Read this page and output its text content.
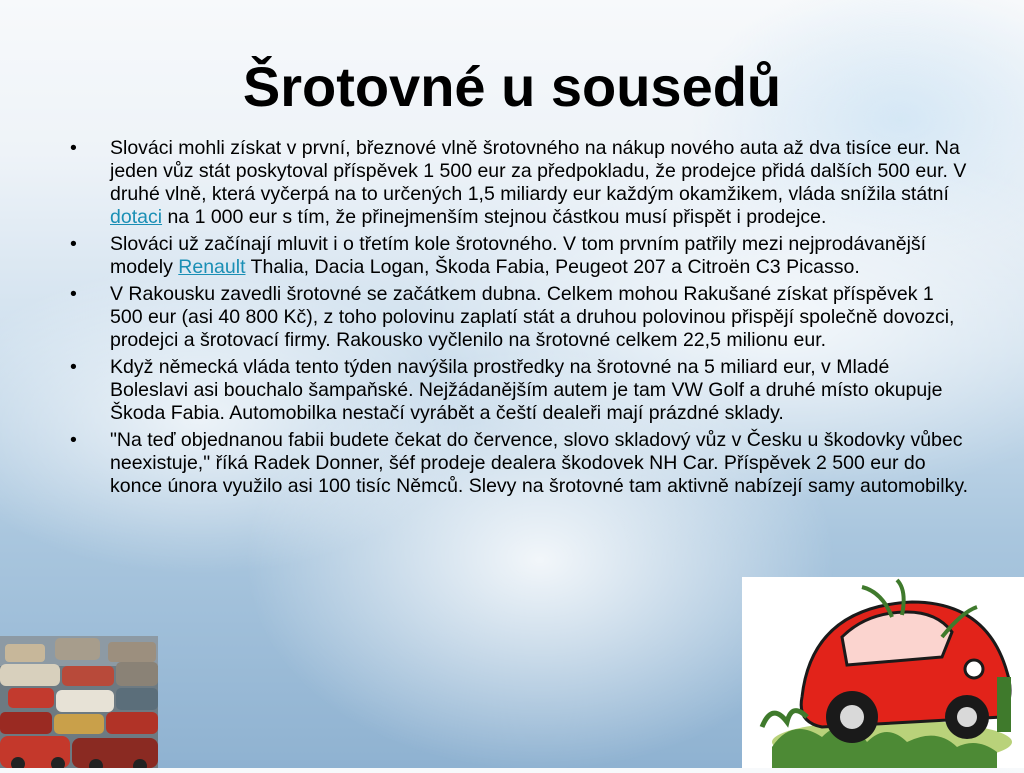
Šrotovné u sousedů
• Slováci mohli získat v první, březnové vlně šrotovného na nákup nového auta až dva tisíce eur. Na jeden vůz stát poskytoval příspěvek 1 500 eur za předpokladu, že prodejce přidá dalších 500 eur. V druhé vlně, která vyčerpá na to určených 1,5 miliardy eur každým okamžikem, vláda snížila státní dotaci na 1 000 eur s tím, že přinejmenším stejnou částkou musí přispět i prodejce.
• Slováci už začínají mluvit i o třetím kole šrotovného. V tom prvním patřily mezi nejprodávanější modely Renault Thalia, Dacia Logan, Škoda Fabia, Peugeot 207 a Citroën C3 Picasso.
• V Rakousku zavedli šrotovné se začátkem dubna. Celkem mohou Rakušané získat příspěvek 1 500 eur (asi 40 800 Kč), z toho polovinu zaplatí stát a druhou polovinou přispějí společně dovozci, prodejci a šrotovací firmy. Rakousko vyčlenilo na šrotovné celkem 22,5 milionu eur.
• Když německá vláda tento týden navýšila prostředky na šrotovné na 5 miliard eur, v Mladé Boleslavi asi bouchalo šampaňské. Nejžádanějším autem je tam VW Golf a druhé místo okupuje Škoda Fabia. Automobilka nestačí vyrábět a čeští dealeři mají prázdné sklady.
• "Na teď objednanou fabii budete čekat do července, slovo skladový vůz v Česku u škodovky vůbec neexistuje," říká Radek Donner, šéf prodeje dealera škodovek NH Car. Příspěvek 2 500 eur do konce února využilo asi 100 tisíc Němců. Slevy na šrotovné tam aktivně nabízejí samy automobilky.
